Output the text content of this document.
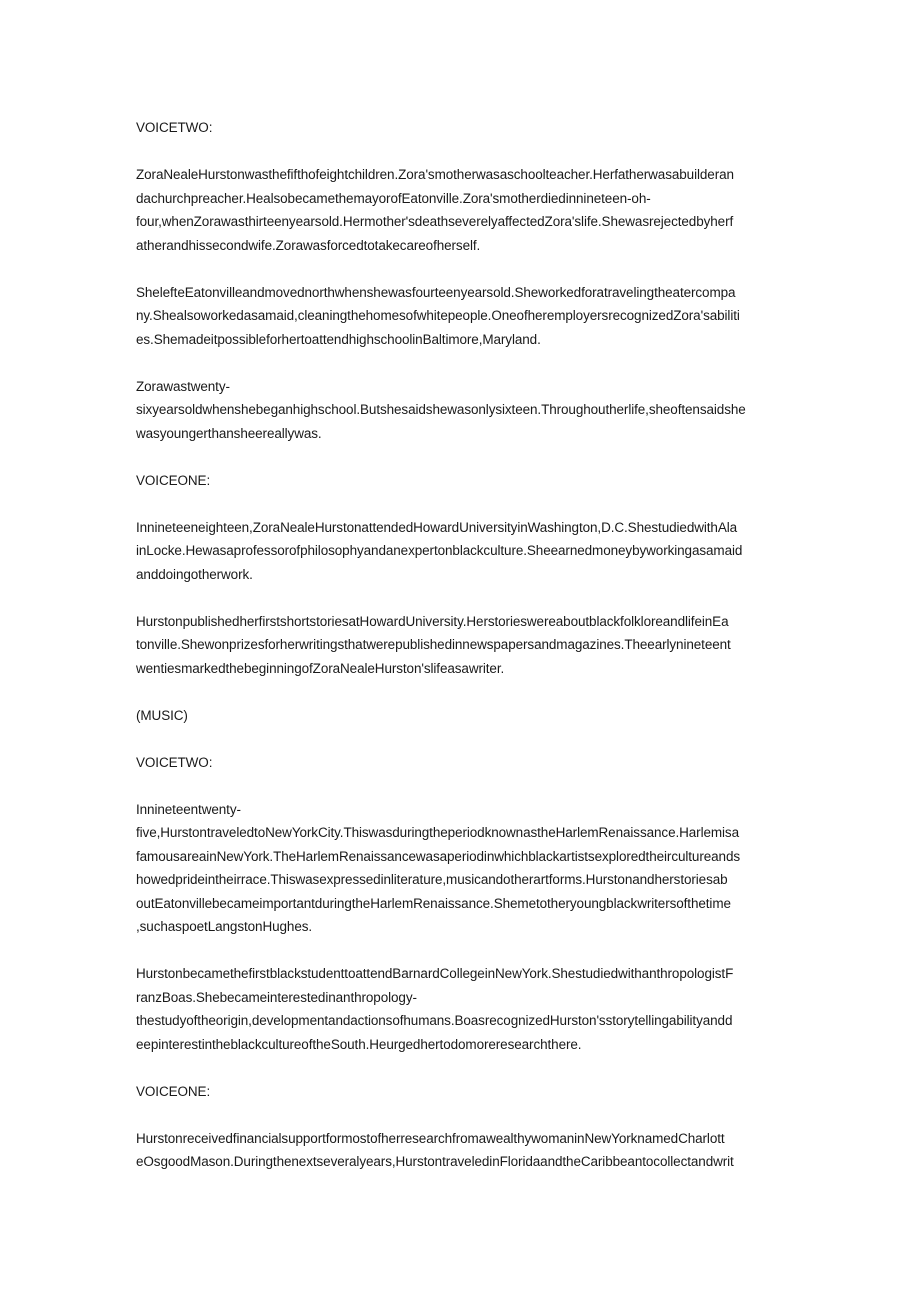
VOICETWO:

ZoraNealeHurstonwasthefifthofeightchildren.Zora'smotherwasaschoolteacher.Herfatherwasabuilderan
dachurchpreacher.HealsobecamethemayorofEatonville.Zora'smotherdiedinnineteen-oh-
four,whenZorawasthirteenyearsold.Hermother'sdeathseverelyaffectedZora'slife.Shewasrejectedbyherf
atherandhissecondwife.Zorawasforcedtotakecareofherself.

ShelefteEatonvilleandmovednorthwhenshewasfourteenyearsold.Sheworkedforatravelingtheatercompa
ny.Shealsoworkedasamaid,cleaningthehomesofwhitepeople.OneofheremployersrecognizedZora'sabiliti
es.ShemadeitpossibleforhertoattendhighschoolinBaltimore,Maryland.

Zorawastwenty-
sixyearsoldwhenshebeganhighschool.Butshesaidshewasonlysixteen.Throughoutherlife,sheoftensaidshe
wasyoungerthansheereallywas.

VOICEONE:

Innineteeneighteen,ZoraNealeHurstonattendedHowardUniversityinWashington,D.C.ShestudiedwithAla
inLocke.Hewasaprofessorofphilosophyandanexpertonblackculture.Sheearnedmoneybyworkingasamaid
anddoingotherwork.

HurstonpublishedherfirstshortstoriesatHowardUniversity.HerstorieswereaboutblackfolkloreandlifeinEa
tonville.Shewonprizesforherwritingsthatwerepublishedinnewspapersandmagazines.Theearlynineteent
wentiesmarkedthebeginningofZoraNealeHurston'slifeasawriter.

(MUSIC)

VOICETWO:

Innineteentwenty-
five,HurstontraveledtoNewYorkCity.ThiswasduringtheperiodknownastheHarlemRenaissance.Harlemisa
famousareainNewYork.TheHarlemRenaissancewasaperiodinwhichblackartistsexploredtheircultureands
howedprideintheirrace.Thiswasexpressedinliterature,musicandotherartforms.Hurstonandherstoriesab
outEatonvillebecameimportantduringtheHarlemRenaissance.Shemetotheryoungblackwritersofthetime
,suchaspoetLangstonHughes.

HurstonbecamethefirstblackstudenttoattendBarnardCollegeinNewYork.ShestudiedwithanthropologistF
ranzBoas.Shebecameinterestedinanthropology-
thestudyoftheorigin,developmentandactionsofhumans.BoasrecognizedHurston'sstorytellingabilityandd
eepinterestintheblackcultureoftheSouth.Heurgedhertodomoreresearchthere.

VOICEONE:

HurstonreceivedfinancialsupportformostofherresearchfromawealthywomaninNewYorknamedCharlott
eOsgoodMason.Duringthenextseveralyears,HurstontraveledinFloridaandtheCaribbeantocollectandwrit
